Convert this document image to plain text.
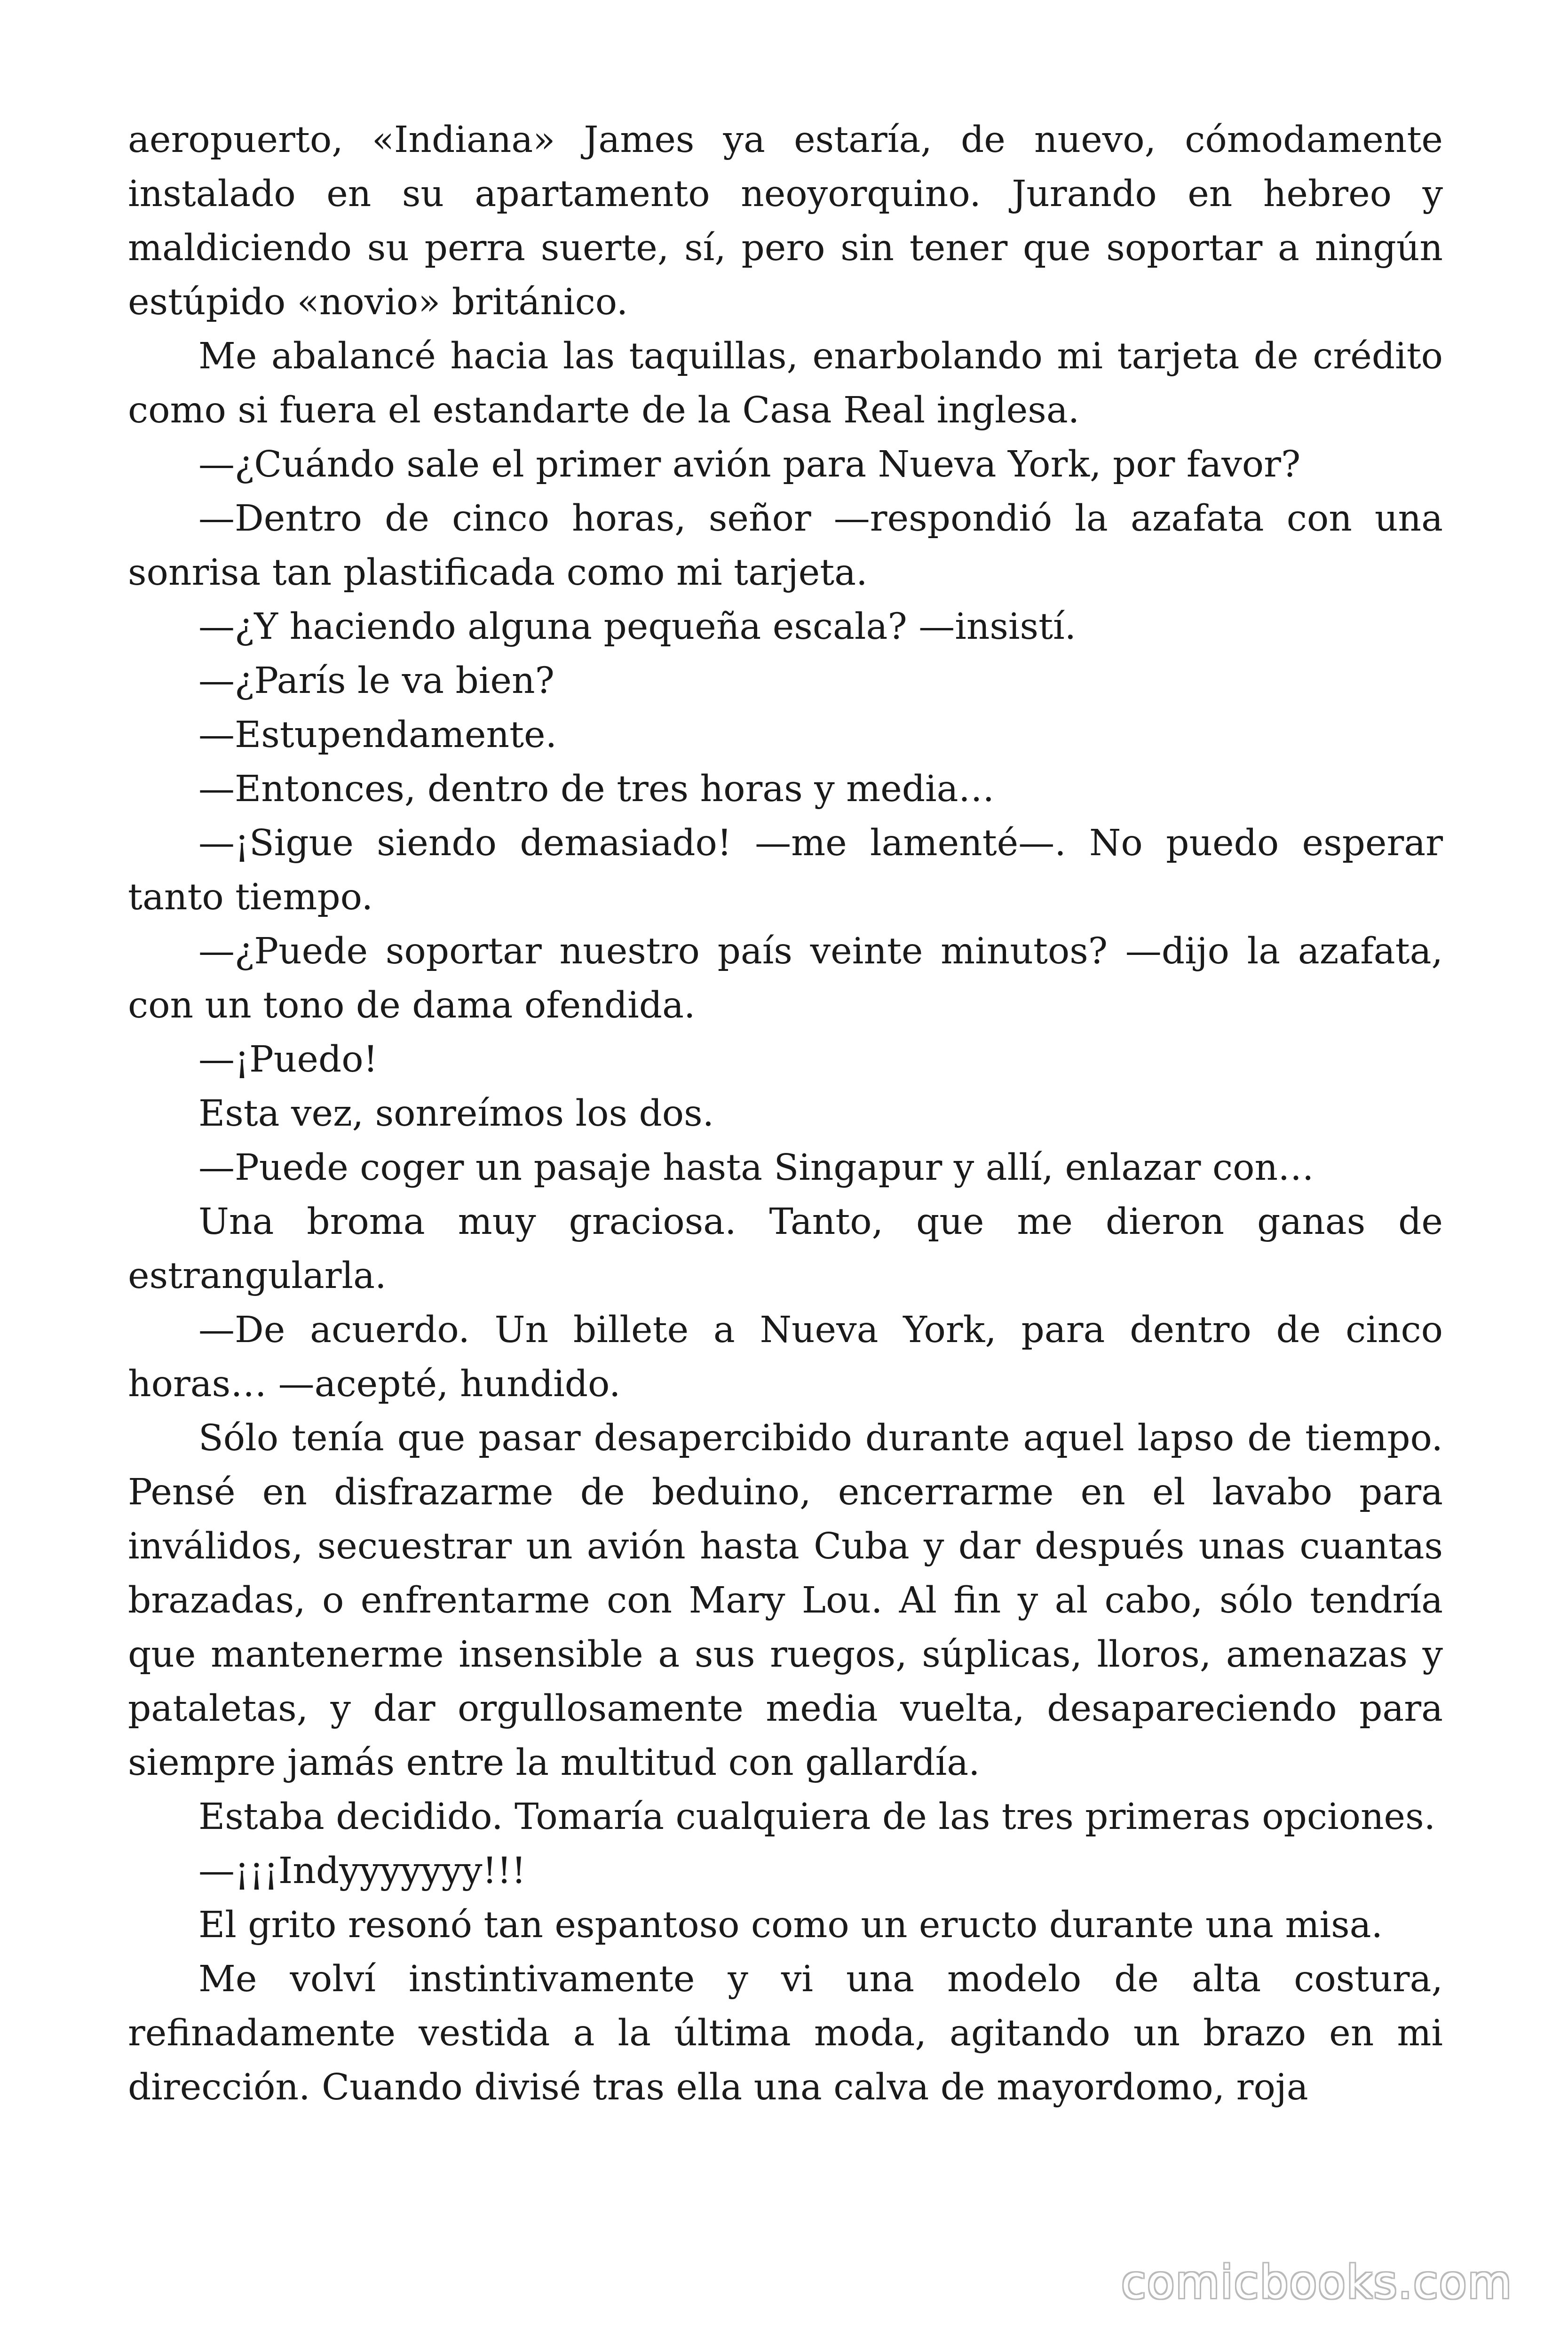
aeropuerto, «Indiana» James ya estaría, de nuevo, cómodamente instalado en su apartamento neoyorquino. Jurando en hebreo y maldiciendo su perra suerte, sí, pero sin tener que soportar a ningún estúpido «novio» británico.

Me abalancé hacia las taquillas, enarbolando mi tarjeta de crédito como si fuera el estandarte de la Casa Real inglesa.

—¿Cuándo sale el primer avión para Nueva York, por favor?

—Dentro de cinco horas, señor —respondió la azafata con una sonrisa tan plastificada como mi tarjeta.

—¿Y haciendo alguna pequeña escala? —insistí.

—¿París le va bien?

—Estupendamente.

—Entonces, dentro de tres horas y media…

—¡Sigue siendo demasiado! —me lamenté—. No puedo esperar tanto tiempo.

—¿Puede soportar nuestro país veinte minutos? —dijo la azafata, con un tono de dama ofendida.

—¡Puedo!

Esta vez, sonreímos los dos.

—Puede coger un pasaje hasta Singapur y allí, enlazar con…

Una broma muy graciosa. Tanto, que me dieron ganas de estrangularla.

—De acuerdo. Un billete a Nueva York, para dentro de cinco horas… —acepté, hundido.

Sólo tenía que pasar desapercibido durante aquel lapso de tiempo. Pensé en disfrazarme de beduino, encerrarme en el lavabo para inválidos, secuestrar un avión hasta Cuba y dar después unas cuantas brazadas, o enfrentarme con Mary Lou. Al fin y al cabo, sólo tendría que mantenerme insensible a sus ruegos, súplicas, lloros, amenazas y pataletas, y dar orgullosamente media vuelta, desapareciendo para siempre jamás entre la multitud con gallardía.

Estaba decidido. Tomaría cualquiera de las tres primeras opciones.

—¡¡¡Indyyyyyyy!!!

El grito resonó tan espantoso como un eructo durante una misa.

Me volví instintivamente y vi una modelo de alta costura, refinadamente vestida a la última moda, agitando un brazo en mi dirección. Cuando divisé tras ella una calva de mayordomo, roja

comicbooks.com
